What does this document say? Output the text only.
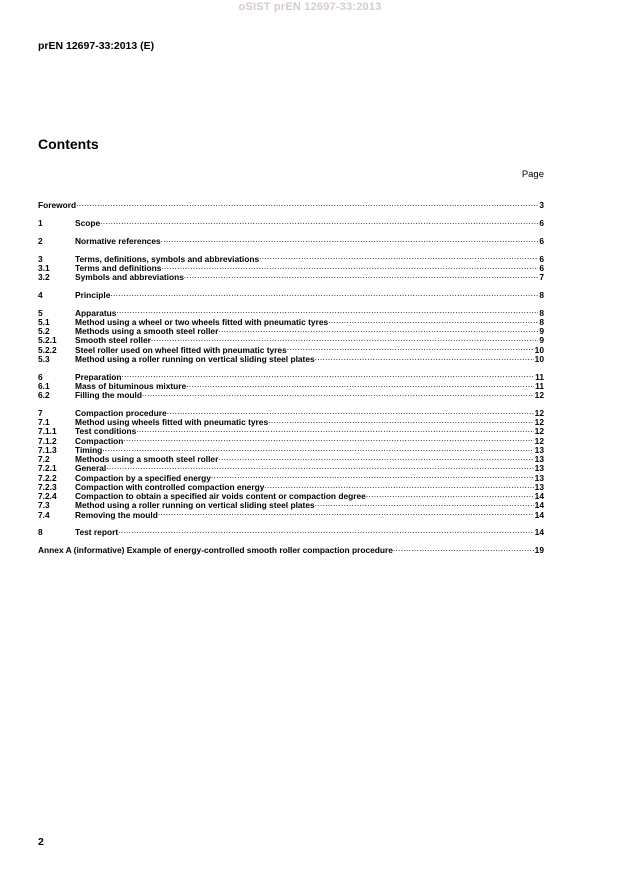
oSIST prEN 12697-33:2013
prEN 12697-33:2013 (E)
Contents
Page
Foreword .....	3
1	Scope .....	6
2	Normative references .....	6
3	Terms, definitions, symbols and abbreviations .....	6
3.1	Terms and definitions .....	6
3.2	Symbols and abbreviations .....	7
4	Principle .....	8
5	Apparatus .....	8
5.1	Method using a wheel or two wheels fitted with pneumatic tyres .....	8
5.2	Methods using a smooth steel roller .....	9
5.2.1	Smooth steel roller .....	9
5.2.2	Steel roller used on wheel fitted with pneumatic tyres .....	10
5.3	Method using a roller running on vertical sliding steel plates .....	10
6	Preparation .....	11
6.1	Mass of bituminous mixture .....	11
6.2	Filling the mould .....	12
7	Compaction procedure .....	12
7.1	Method using wheels fitted with pneumatic tyres .....	12
7.1.1	Test conditions .....	12
7.1.2	Compaction .....	12
7.1.3	Timing .....	13
7.2	Methods using a smooth steel roller .....	13
7.2.1	General .....	13
7.2.2	Compaction by a specified energy .....	13
7.2.3	Compaction with controlled compaction energy .....	13
7.2.4	Compaction to obtain a specified air voids content or compaction degree .....	14
7.3	Method using a roller running on vertical sliding steel plates .....	14
7.4	Removing the mould .....	14
8	Test report .....	14
Annex A (informative) Example of energy-controlled smooth roller compaction procedure .....	19
2
